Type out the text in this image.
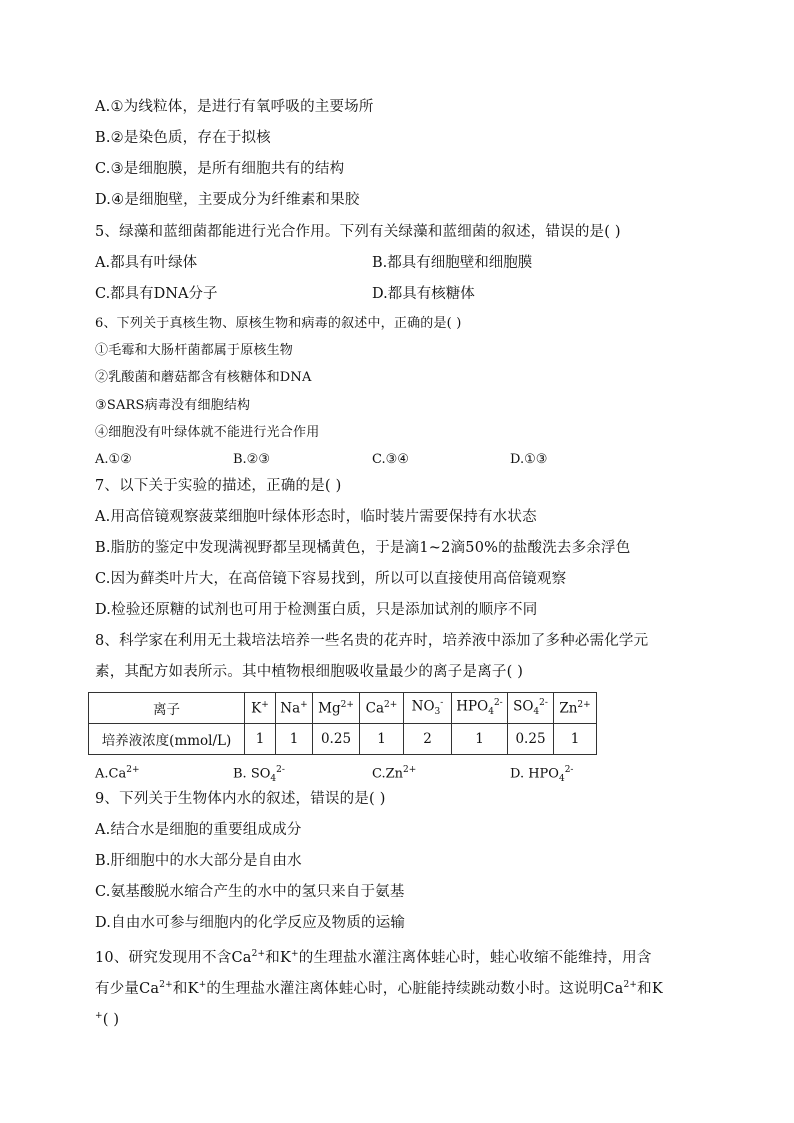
A.①为线粒体，是进行有氧呼吸的主要场所
B.②是染色质，存在于拟核
C.③是细胞膜，是所有细胞共有的结构
D.④是细胞壁，主要成分为纤维素和果胶
5、绿藻和蓝细菌都能进行光合作用。下列有关绿藻和蓝细菌的叙述，错误的是( )
A.都具有叶绿体	B.都具有细胞壁和细胞膜
C.都具有DNA分子	D.都具有核糖体
6、下列关于真核生物、原核生物和病毒的叙述中，正确的是( )
①毛霉和大肠杆菌都属于原核生物
②乳酸菌和蘑菇都含有核糖体和DNA
③SARS病毒没有细胞结构
④细胞没有叶绿体就不能进行光合作用
A.①②	B.②③	C.③④	D.①③
7、以下关于实验的描述，正确的是( )
A.用高倍镜观察菠菜细胞叶绿体形态时，临时装片需要保持有水状态
B.脂肪的鉴定中发现满视野都呈现橘黄色，于是滴1~2滴50%的盐酸洗去多余浮色
C.因为藓类叶片大，在高倍镜下容易找到，所以可以直接使用高倍镜观察
D.检验还原糖的试剂也可用于检测蛋白质，只是添加试剂的顺序不同
8、科学家在利用无土栽培法培养一些名贵的花卉时，培养液中添加了多种必需化学元
素，其配方如表所示。其中植物根细胞吸收量最少的离子是离子( )
离子	K+	Na+	$Mg^{2+}$	$Ca^{2+}$	$NO_3^-$	$HPO_4^{2-}$	$SO_4^{2-}$	$Zn^{2+}$
培养液浓度(mmol/L)	1	1	0.25	1	2	1	0.25	1
$A.Ca^{2+}$	B. $SO_4^{2-}$	$C.Zn^{2+}$	D. $HPO_4^{2-}$
9、下列关于生物体内水的叙述，错误的是( )
A.结合水是细胞的重要组成成分
B.肝细胞中的水大部分是自由水
C.氨基酸脱水缩合产生的水中的氢只来自于氨基
D.自由水可参与细胞内的化学反应及物质的运输
10、研究发现用不含$Ca^{2+}$和K+的生理盐水灌注离体蛙心时，蛙心收缩不能维持，用含
有少量$Ca^{2+}$和K+的生理盐水灌注离体蛙心时，心脏能持续跳动数小时。这说明$Ca^{2+}$和K
+( )
